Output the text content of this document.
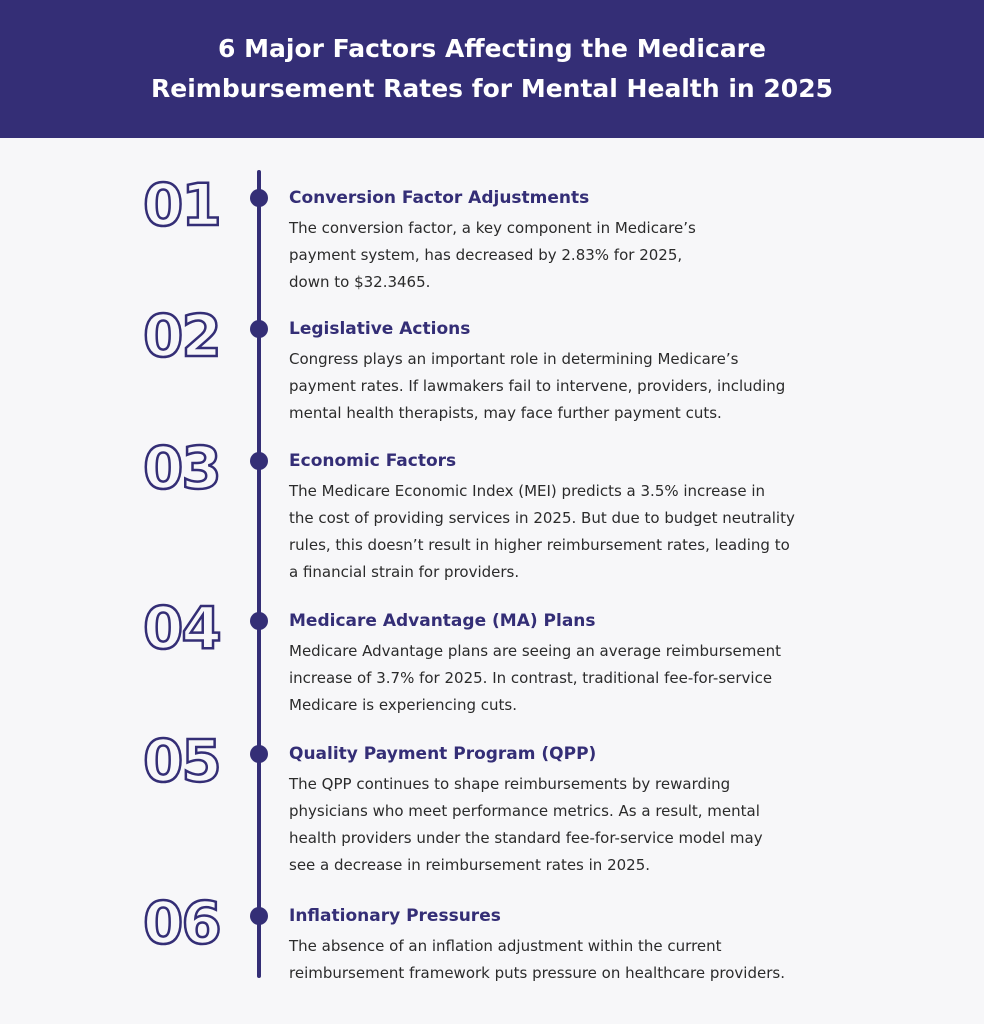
6 Major Factors Affecting the Medicare
Reimbursement Rates for Mental Health in 2025
01	Conversion Factor Adjustments
The conversion factor, a key component in Medicare’s
payment system, has decreased by 2.83% for 2025,
down to $32.3465.
02	Legislative Actions
Congress plays an important role in determining Medicare’s
payment rates. If lawmakers fail to intervene, providers, including
mental health therapists, may face further payment cuts.
03	Economic Factors
The Medicare Economic Index (MEI) predicts a 3.5% increase in
the cost of providing services in 2025. But due to budget neutrality
rules, this doesn’t result in higher reimbursement rates, leading to
a financial strain for providers.
04	Medicare Advantage (MA) Plans
Medicare Advantage plans are seeing an average reimbursement
increase of 3.7% for 2025. In contrast, traditional fee-for-service
Medicare is experiencing cuts.
05	Quality Payment Program (QPP)
The QPP continues to shape reimbursements by rewarding
physicians who meet performance metrics. As a result, mental
health providers under the standard fee-for-service model may
see a decrease in reimbursement rates in 2025.
06	Inflationary Pressures
The absence of an inflation adjustment within the current
reimbursement framework puts pressure on healthcare providers.
